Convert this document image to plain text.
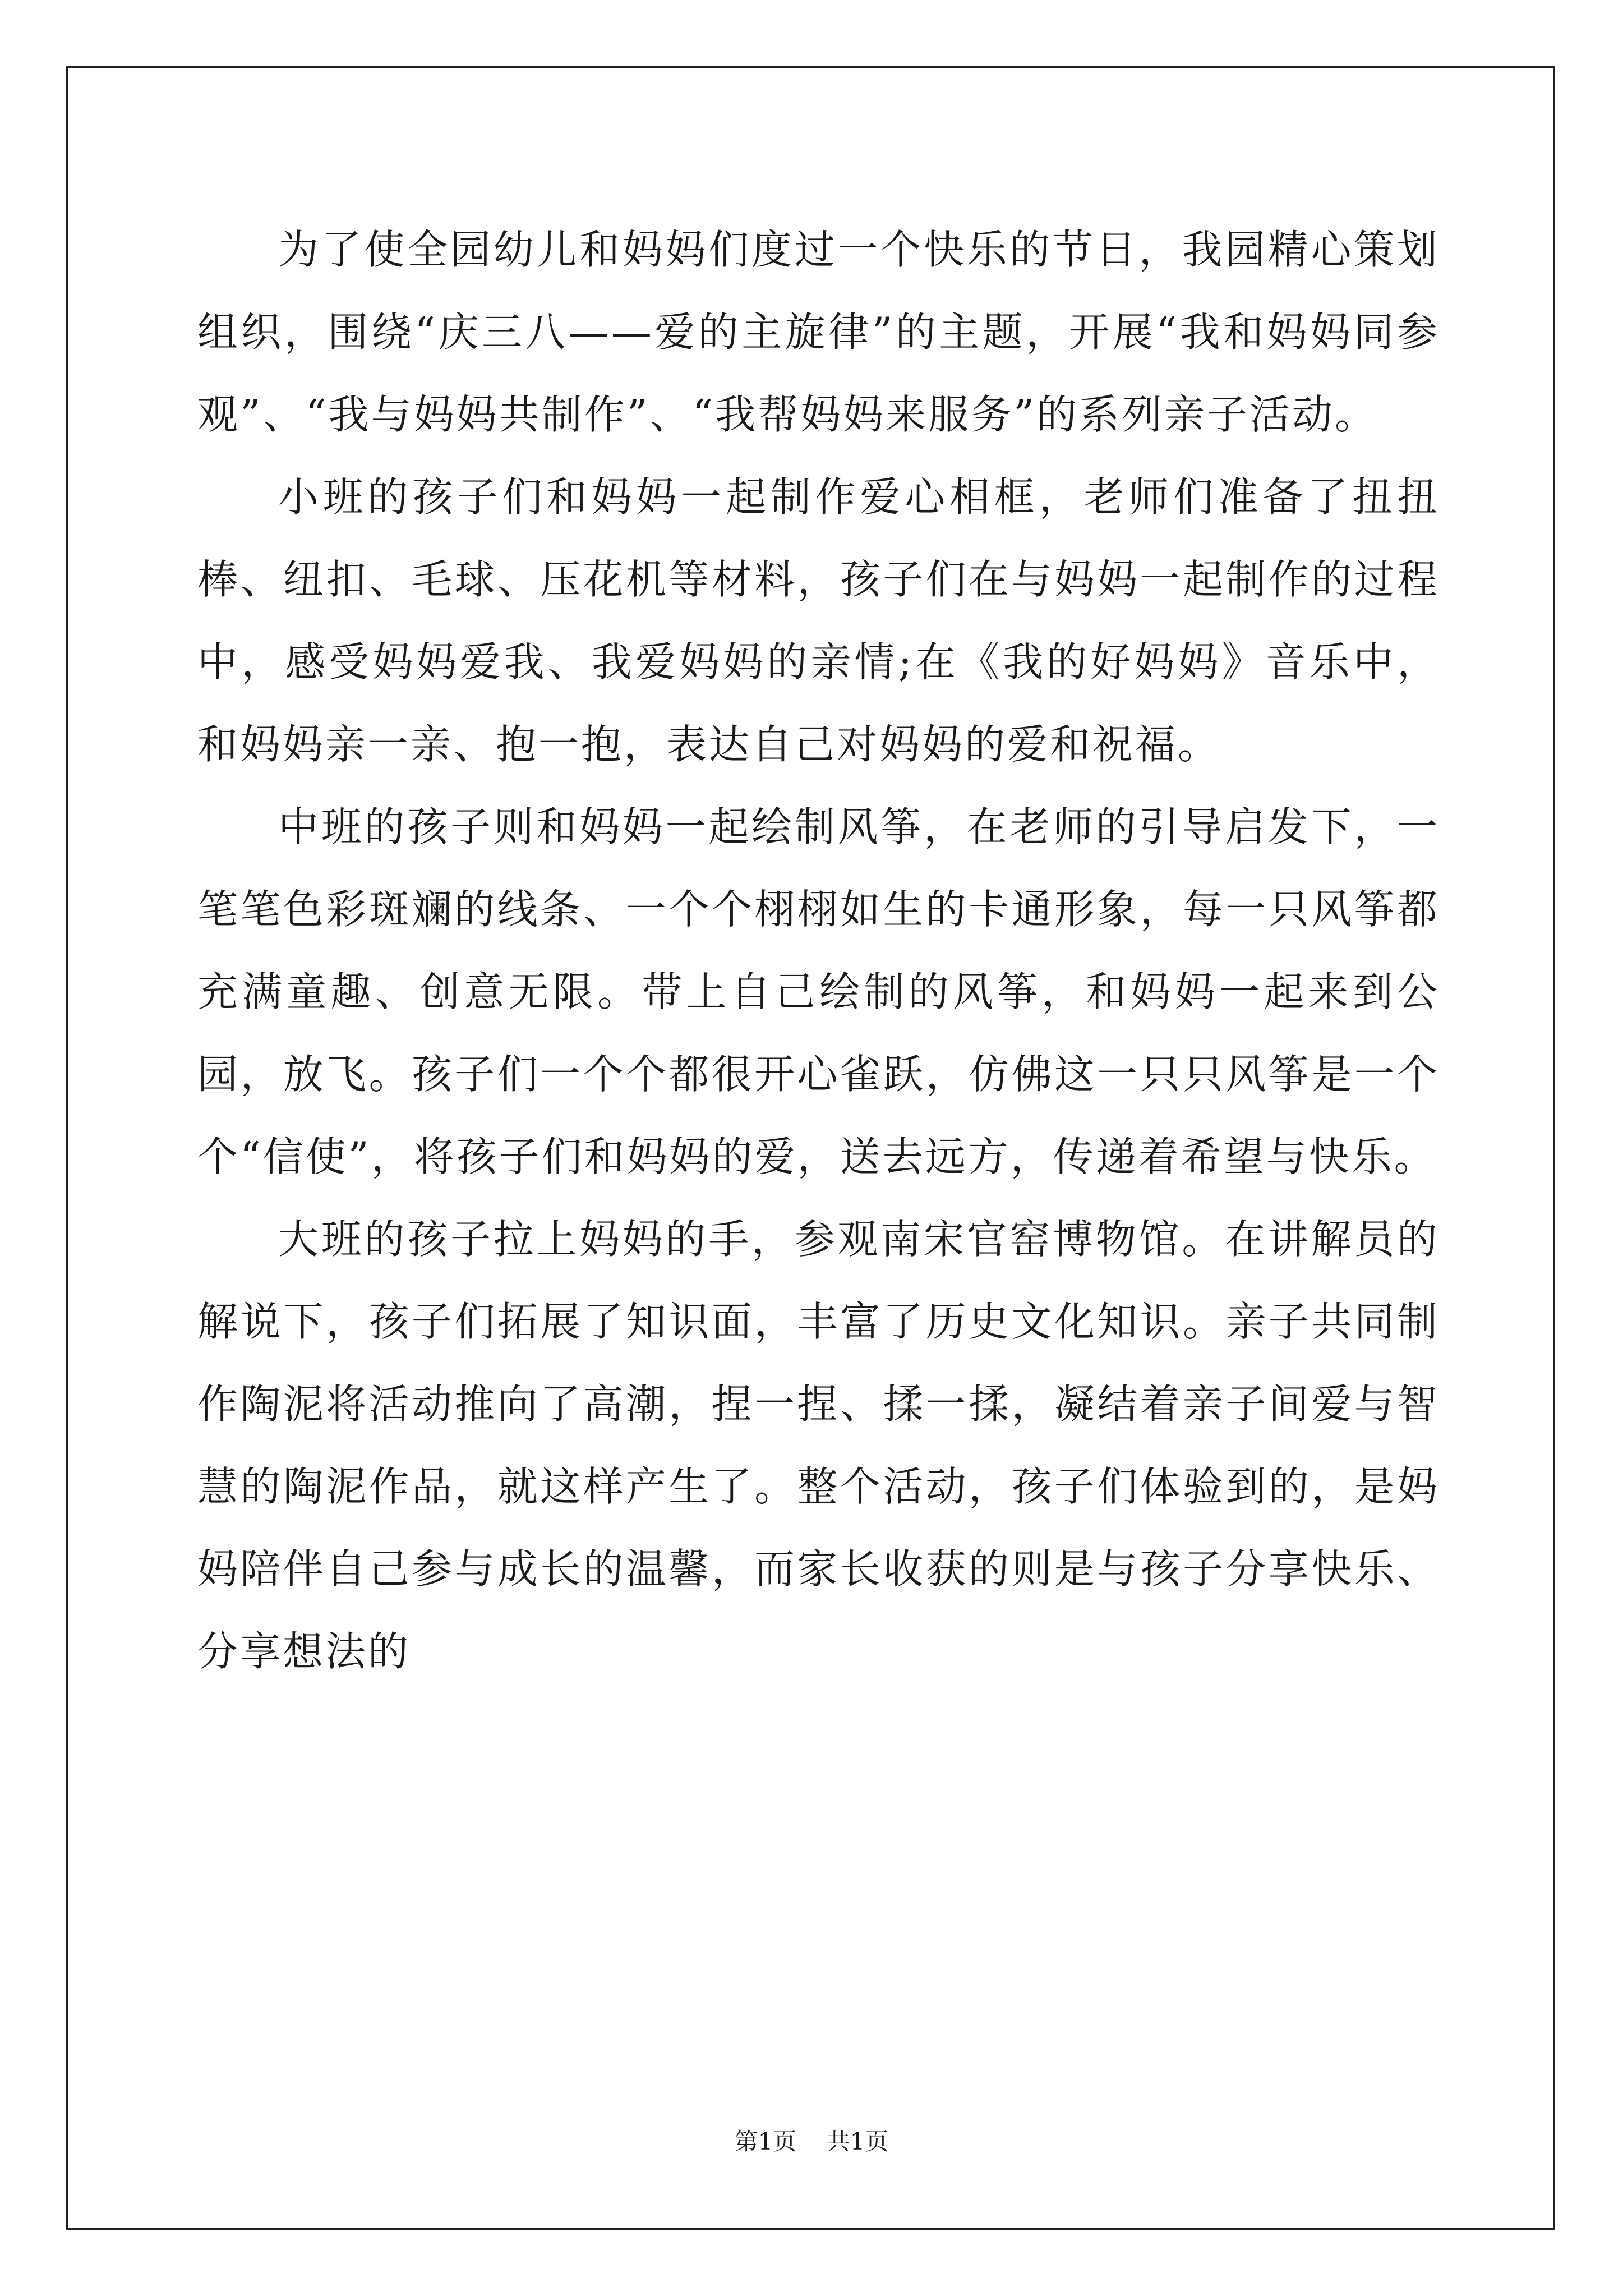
为了使全园幼儿和妈妈们度过一个快乐的节日，我园精心策划组织，围绕“庆三八——爱的主旋律”的主题，开展“我和妈妈同参观”、“我与妈妈共制作”、“我帮妈妈来服务”的系列亲子活动。

小班的孩子们和妈妈一起制作爱心相框，老师们准备了扭扭棒、纽扣、毛球、压花机等材料，孩子们在与妈妈一起制作的过程中，感受妈妈爱我、我爱妈妈的亲情;在《我的好妈妈》音乐中，和妈妈亲一亲、抱一抱，表达自己对妈妈的爱和祝福。

中班的孩子则和妈妈一起绘制风筝，在老师的引导启发下，一笔笔色彩斑斓的线条、一个个栩栩如生的卡通形象，每一只风筝都充满童趣、创意无限。带上自己绘制的风筝，和妈妈一起来到公园，放飞。孩子们一个个都很开心雀跃，仿佛这一只只风筝是一个个“信使”，将孩子们和妈妈的爱，送去远方，传递着希望与快乐。

大班的孩子拉上妈妈的手，参观南宋官窑博物馆。在讲解员的解说下，孩子们拓展了知识面，丰富了历史文化知识。亲子共同制作陶泥将活动推向了高潮，捏一捏、揉一揉，凝结着亲子间爱与智慧的陶泥作品，就这样产生了。整个活动，孩子们体验到的，是妈妈陪伴自己参与成长的温馨，而家长收获的则是与孩子分享快乐、分享想法的

第1页 共1页
